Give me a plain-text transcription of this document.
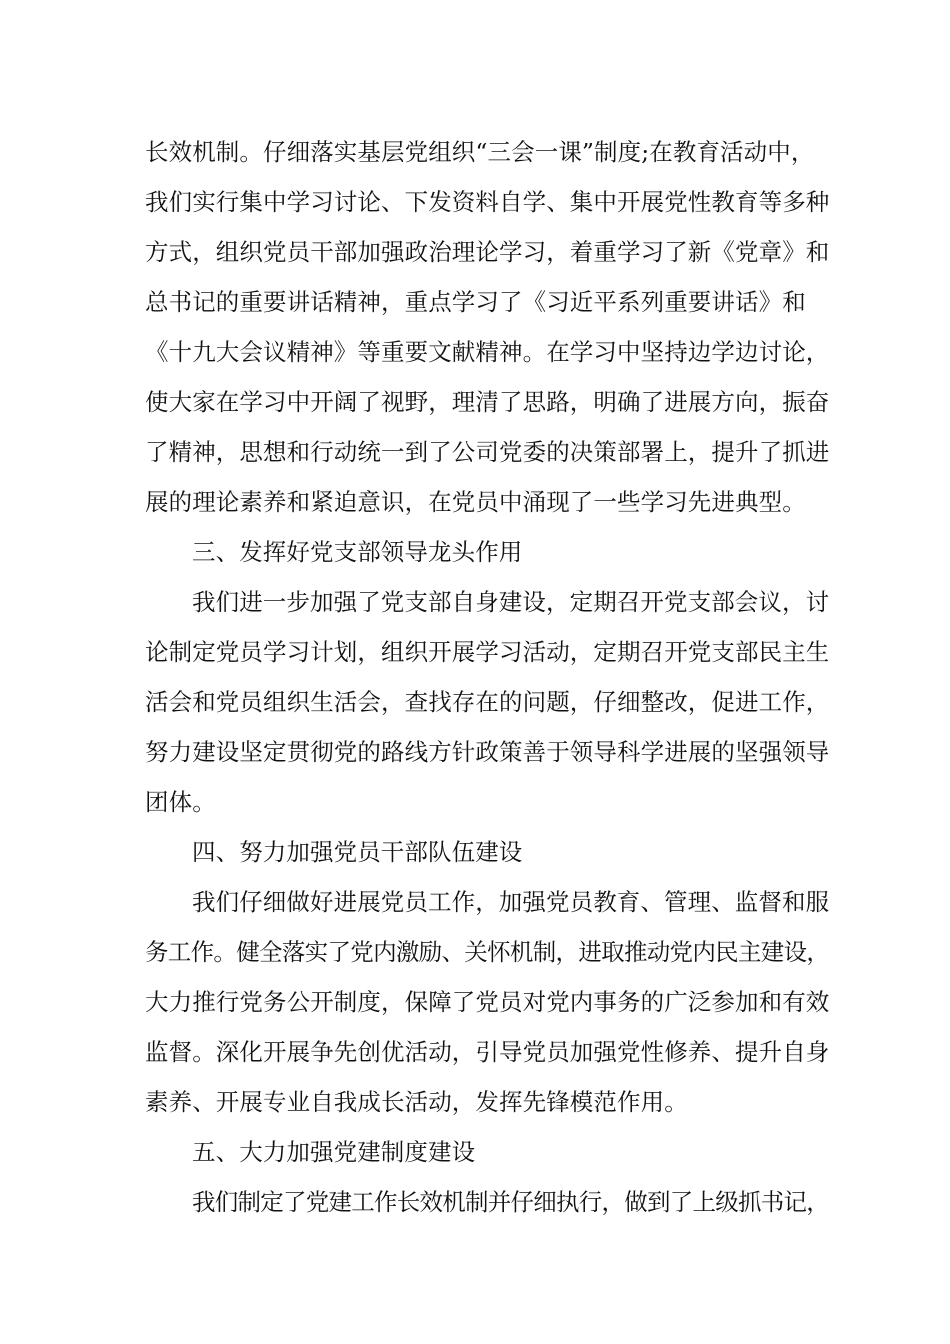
长效机制。仔细落实基层党组织“三会一课”制度;在教育活动中，

我们实行集中学习讨论、下发资料自学、集中开展党性教育等多种

方式，组织党员干部加强政治理论学习，着重学习了新《党章》和

总书记的重要讲话精神，重点学习了《习近平系列重要讲话》和

《十九大会议精神》等重要文献精神。在学习中坚持边学边讨论，

使大家在学习中开阔了视野，理清了思路，明确了进展方向，振奋

了精神，思想和行动统一到了公司党委的决策部署上，提升了抓进

展的理论素养和紧迫意识，在党员中涌现了一些学习先进典型。

三、发挥好党支部领导龙头作用

我们进一步加强了党支部自身建设，定期召开党支部会议，讨

论制定党员学习计划，组织开展学习活动，定期召开党支部民主生

活会和党员组织生活会，查找存在的问题，仔细整改，促进工作，

努力建设坚定贯彻党的路线方针政策善于领导科学进展的坚强领导

团体。

四、努力加强党员干部队伍建设

我们仔细做好进展党员工作，加强党员教育、管理、监督和服

务工作。健全落实了党内激励、关怀机制，进取推动党内民主建设，

大力推行党务公开制度，保障了党员对党内事务的广泛参加和有效

监督。深化开展争先创优活动，引导党员加强党性修养、提升自身

素养、开展专业自我成长活动，发挥先锋模范作用。

五、大力加强党建制度建设

我们制定了党建工作长效机制并仔细执行，做到了上级抓书记，
